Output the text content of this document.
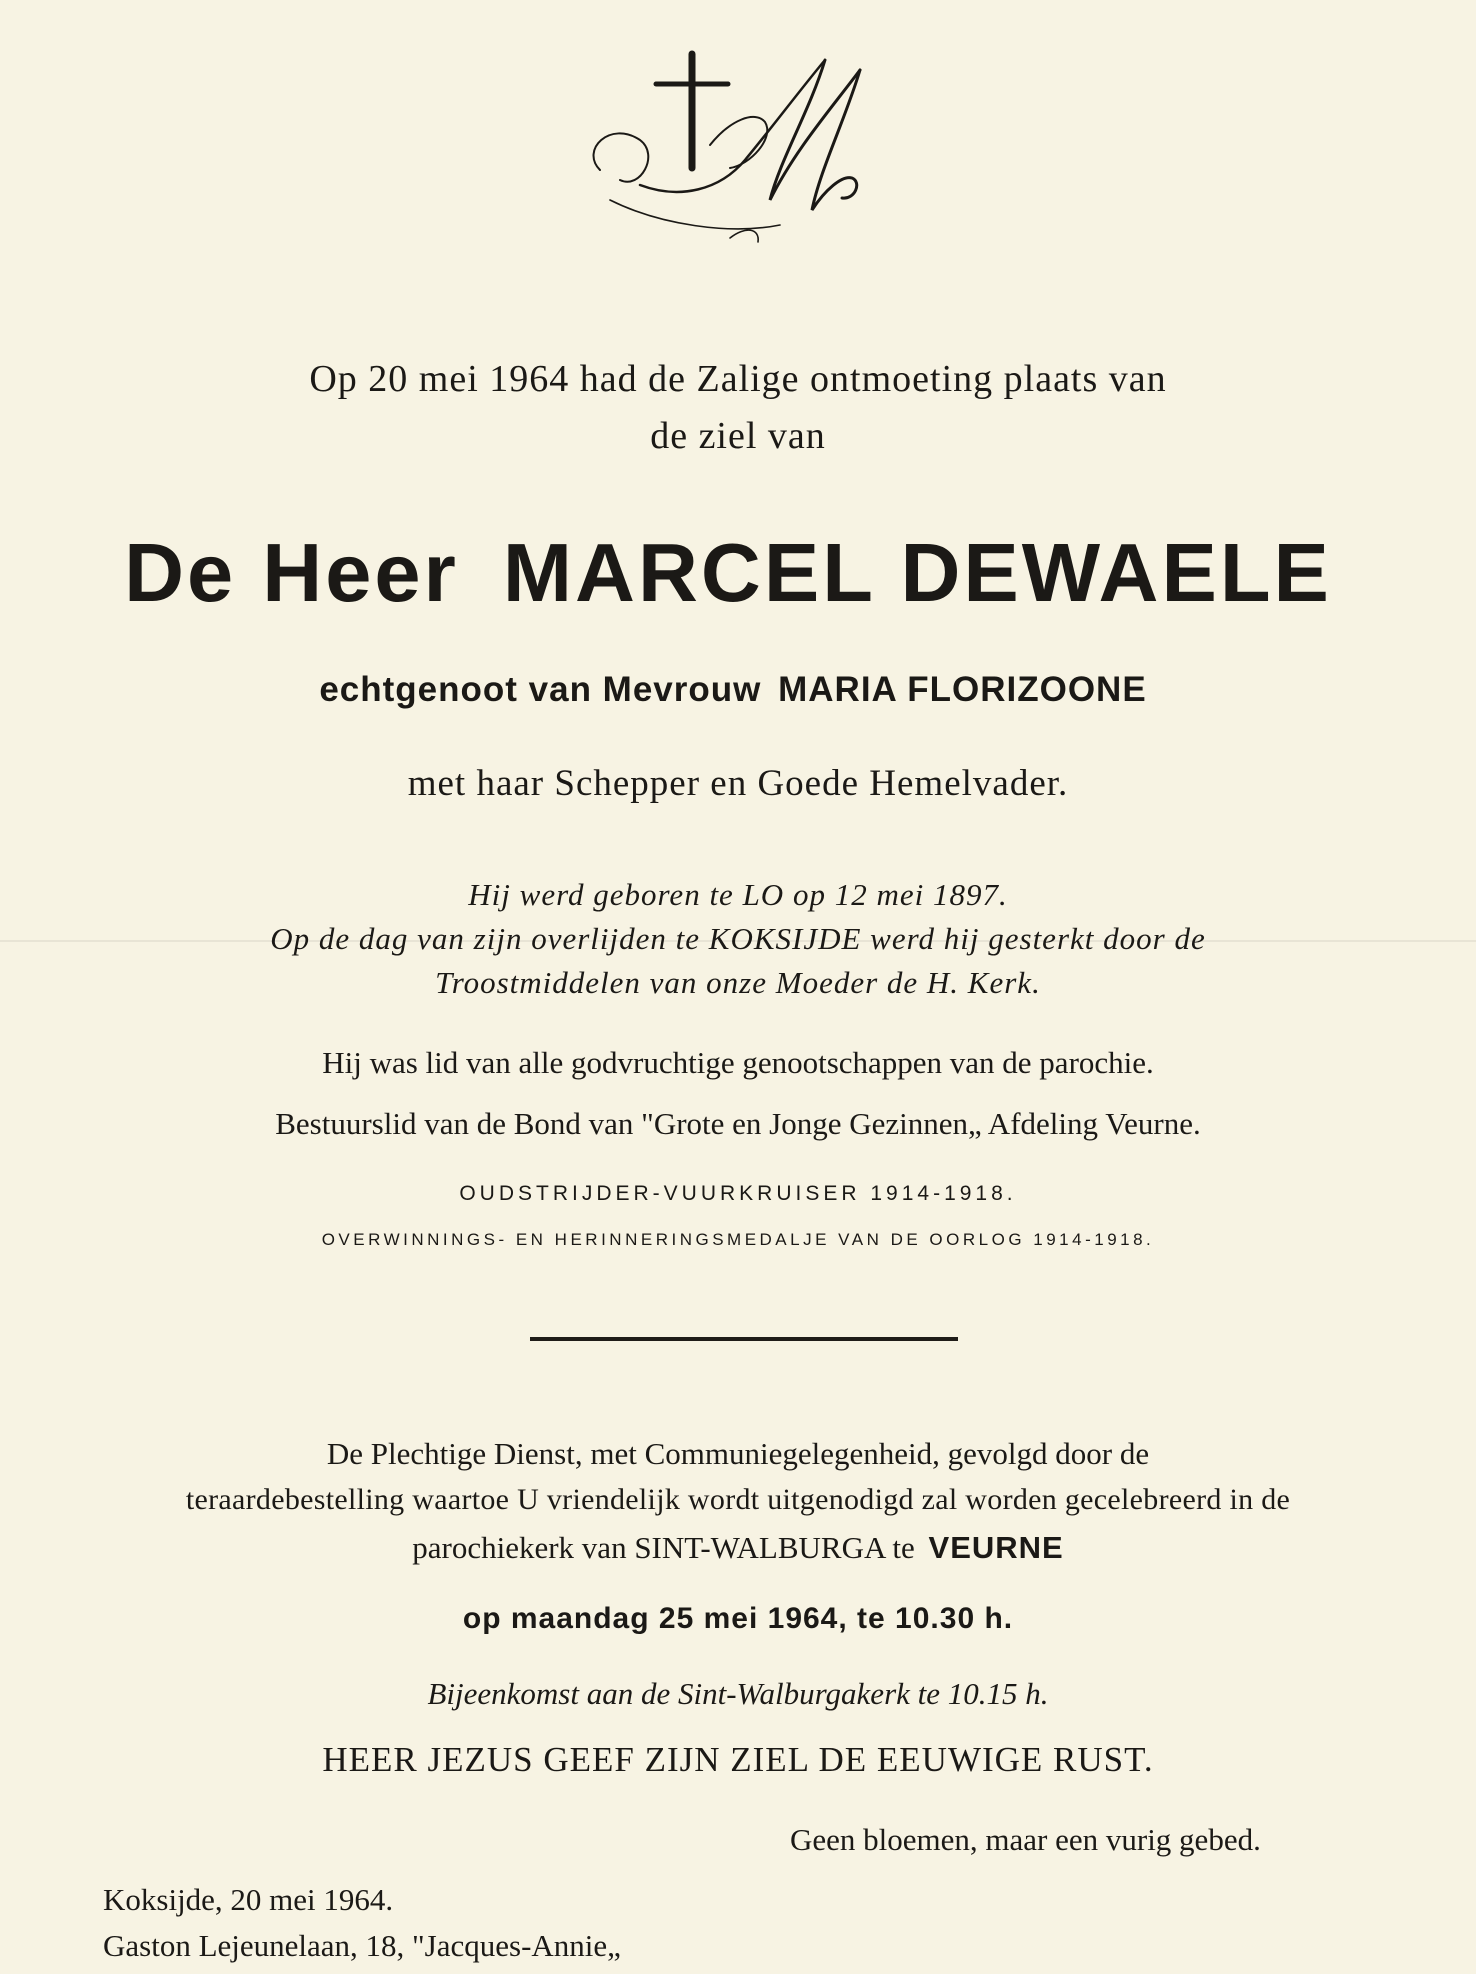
Op 20 mei 1964 had de Zalige ontmoeting plaats van
de ziel van
De Heer MARCEL DEWAELE
echtgenoot van Mevrouw MARIA FLORIZOONE
met haar Schepper en Goede Hemelvader.
Hij werd geboren te LO op 12 mei 1897.
Op de dag van zijn overlijden te KOKSIJDE werd hij gesterkt door de
Troostmiddelen van onze Moeder de H. Kerk.
Hij was lid van alle godvruchtige genootschappen van de parochie.
Bestuurslid van de Bond van "Grote en Jonge Gezinnen„ Afdeling Veurne.
OUDSTRIJDER-VUURKRUISER 1914-1918.
OVERWINNINGS- EN HERINNERINGSMEDALJE VAN DE OORLOG 1914-1918.
De Plechtige Dienst, met Communiegelegenheid, gevolgd door de
teraardebestelling waartoe U vriendelijk wordt uitgenodigd zal worden gecelebreerd in de
parochiekerk van SINT-WALBURGA te VEURNE
op maandag 25 mei 1964, te 10.30 h.
Bijeenkomst aan de Sint-Walburgakerk te 10.15 h.
HEER JEZUS GEEF ZIJN ZIEL DE EEUWIGE RUST.
Geen bloemen, maar een vurig gebed.
Koksijde, 20 mei 1964.
Gaston Lejeunelaan, 18, "Jacques-Annie„
